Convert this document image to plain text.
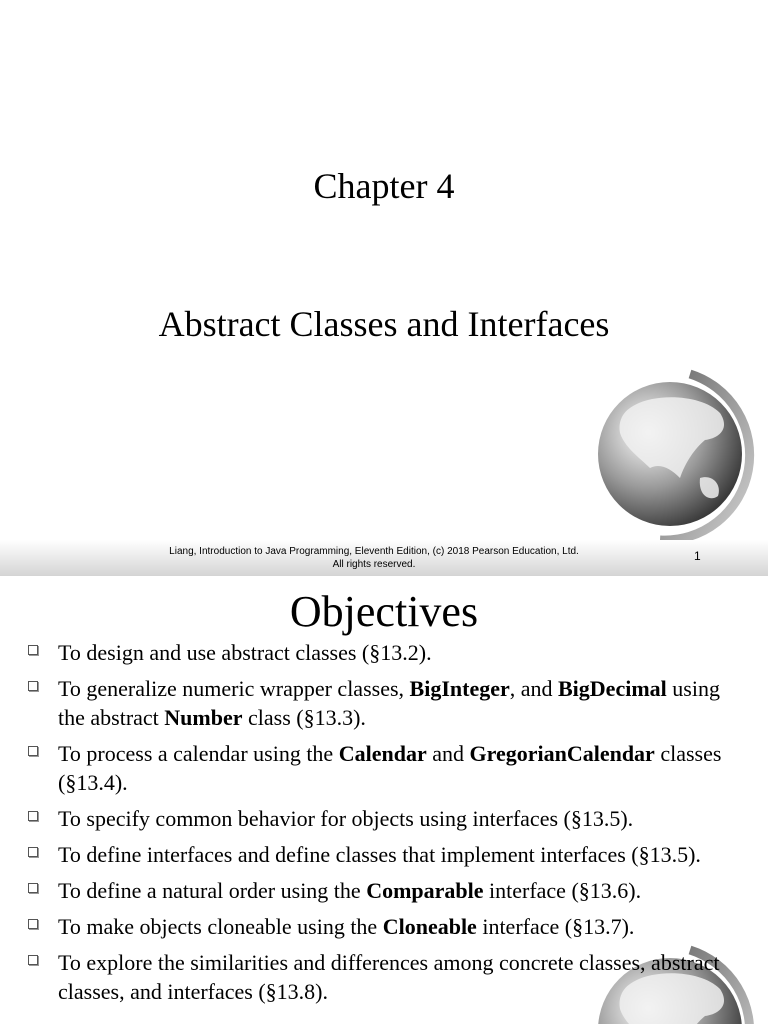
Chapter 4
Abstract Classes and Interfaces
Liang, Introduction to Java Programming, Eleventh Edition, (c) 2018 Pearson Education, Ltd.
All rights reserved.
1
Objectives
To design and use abstract classes (§13.2).
To generalize numeric wrapper classes, BigInteger, and BigDecimal using the abstract Number class (§13.3).
To process a calendar using the Calendar and GregorianCalendar classes (§13.4).
To specify common behavior for objects using interfaces (§13.5).
To define interfaces and define classes that implement interfaces (§13.5).
To define a natural order using the Comparable interface (§13.6).
To make objects cloneable using the Cloneable interface (§13.7).
To explore the similarities and differences among concrete classes, abstract classes, and interfaces (§13.8).
